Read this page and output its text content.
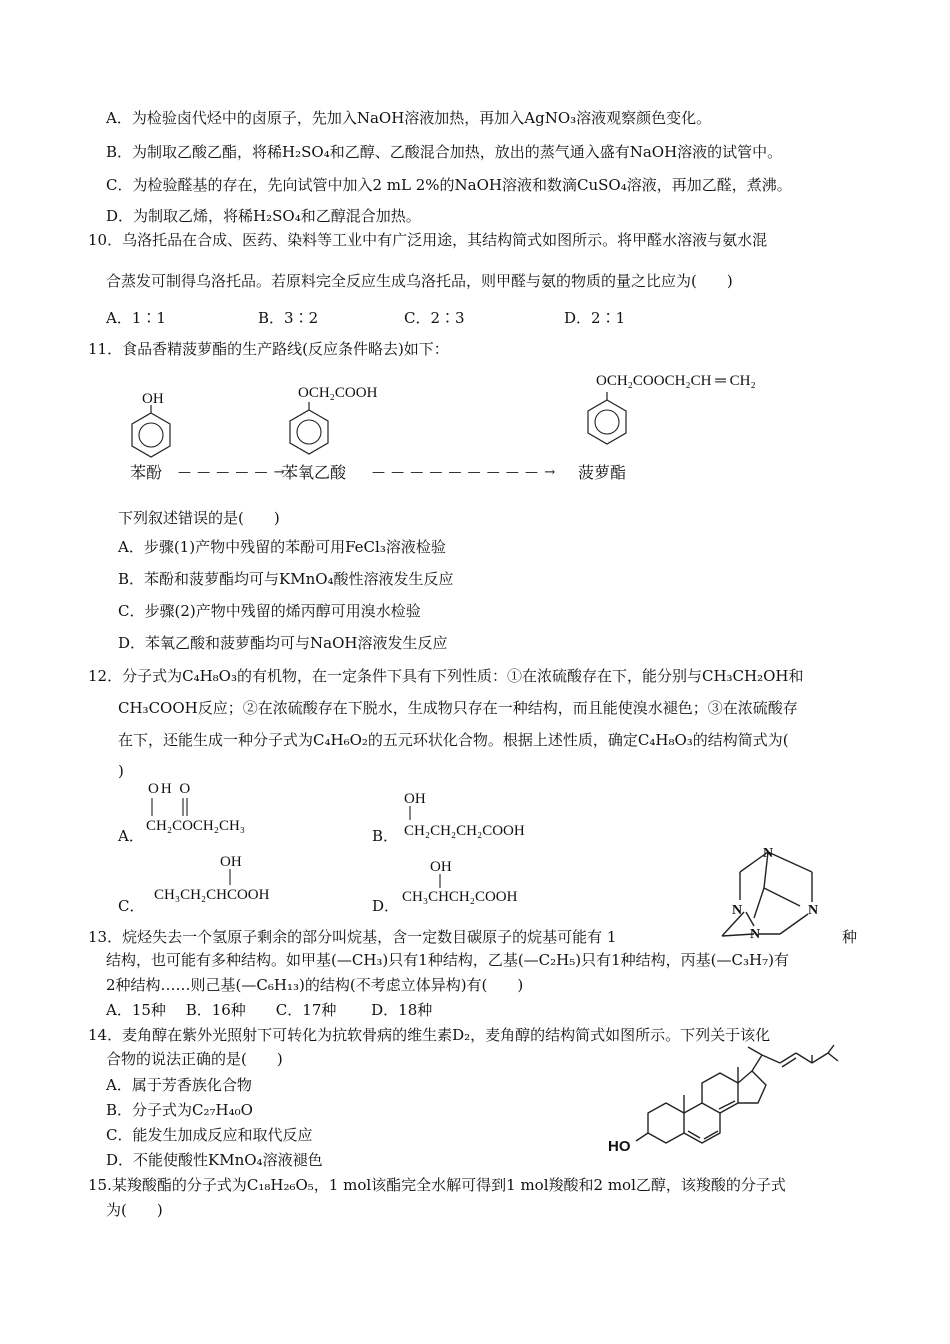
A．为检验卤代烃中的卤原子，先加入NaOH溶液加热，再加入AgNO₃溶液观察颜色变化。
B．为制取乙酸乙酯，将稀H₂SO₄和乙醇、乙酸混合加热，放出的蒸气通入盛有NaOH溶液的试管中。
C．为检验醛基的存在，先向试管中加入2 mL 2%的NaOH溶液和数滴CuSO₄溶液，再加乙醛，煮沸。
D．为制取乙烯，将稀H₂SO₄和乙醇混合加热。
10．乌洛托品在合成、医药、染料等工业中有广泛用途，其结构简式如图所示。将甲醛水溶液与氨水混
合蒸发可制得乌洛托品。若原料完全反应生成乌洛托品，则甲醛与氨的物质的量之比应为(　　)
A．1∶1	B．3∶2	C．2∶3	D．2∶1
11．食品香精菠萝酯的生产路线(反应条件略去)如下：
OH
苯酚 — — — — — →
OCH₂COOH
苯氧乙酸 — — — — — — — — — →
OCH₂COOCH₂CH ═ CH₂
菠萝酯
下列叙述错误的是(　　)
A．步骤(1)产物中残留的苯酚可用FeCl₃溶液检验
B．苯酚和菠萝酯均可与KMnO₄酸性溶液发生反应
C．步骤(2)产物中残留的烯丙醇可用溴水检验
D．苯氧乙酸和菠萝酯均可与NaOH溶液发生反应
12．分子式为C₄H₈O₃的有机物，在一定条件下具有下列性质：①在浓硫酸存在下，能分别与CH₃CH₂OH和
CH₃COOH反应；②在浓硫酸存在下脱水，生成物只存在一种结构，而且能使溴水褪色；③在浓硫酸存
在下，还能生成一种分子式为C₄H₆O₂的五元环状化合物。根据上述性质，确定C₄H₈O₃的结构简式为(
)
OH O
A．
CH₂COCH₂CH₃
OH
B． CH₂CH₂CH₂COOH
OH
C．
CH₃CH₂CHCOOH
OH
D． CH₃CHCH₂COOH
N
N	N
N
13．烷烃失去一个氢原子剩余的部分叫烷基，含一定数目碳原子的烷基可能有 1	种
结构，也可能有多种结构。如甲基(—CH₃)只有1种结构，乙基(—C₂H₅)只有1种结构，丙基(—C₃H₇)有
2种结构……则己基(—C₆H₁₃)的结构(不考虑立体异构)有(　　)
A．15种　 B．16种　　C．17种　　 D．18种
14．麦角醇在紫外光照射下可转化为抗软骨病的维生素D₂，麦角醇的结构简式如图所示。下列关于该化
合物的说法正确的是(　　)
A．属于芳香族化合物
B．分子式为C₂₇H₄₀O
C．能发生加成反应和取代反应
D．不能使酸性KMnO₄溶液褪色
HO
15.某羧酸酯的分子式为C₁₈H₂₆O₅，1 mol该酯完全水解可得到1 mol羧酸和2 mol乙醇，该羧酸的分子式
为(　　)
